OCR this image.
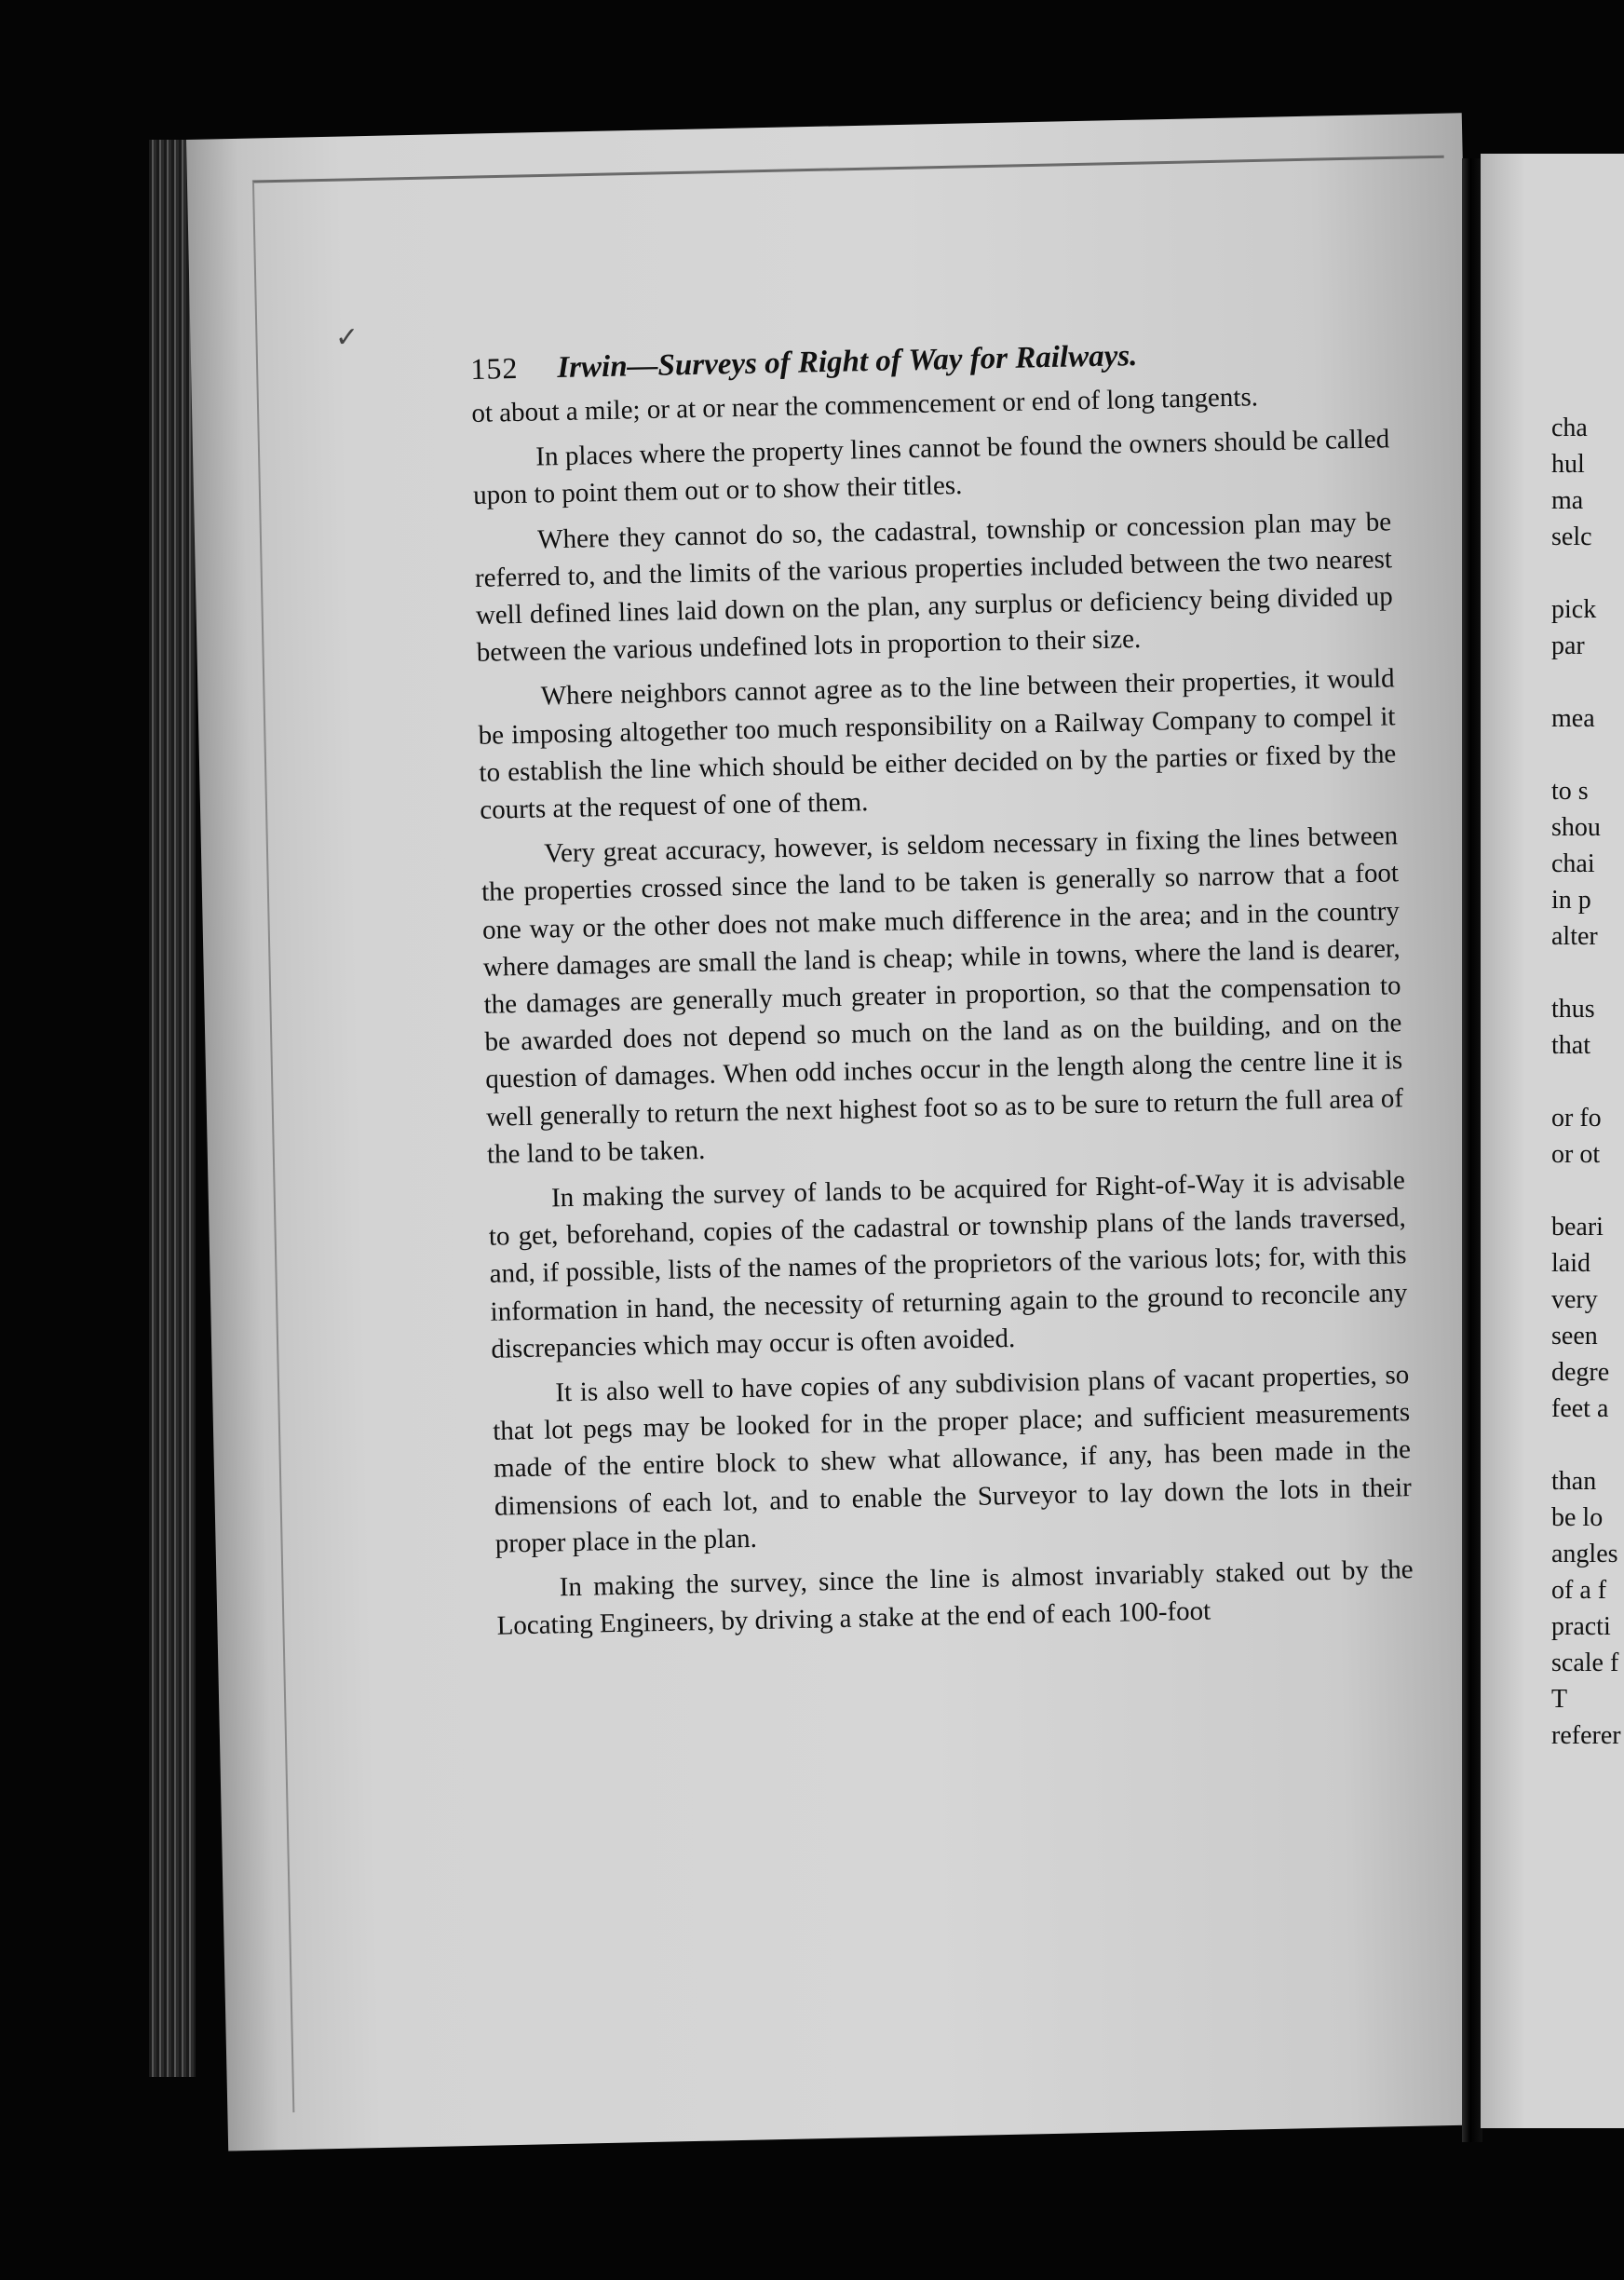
cha
hul
ma
selc
pick
par
mea
to s
shou
chai
in p
alter
thus
that
or fo
or ot
beari
laid
very
seen
degre
feet a
than
be lo
angles
of a f
practi
scale f
T
referer
✓
152 Irwin—Surveys of Right of Way for Railways.

ot about a mile; or at or near the commencement or end of long tangents.

In places where the property lines cannot be found the owners should be called upon to point them out or to show their titles.

Where they cannot do so, the cadastral, township or concession plan may be referred to, and the limits of the various properties included between the two nearest well defined lines laid down on the plan, any surplus or deficiency being divided up between the various undefined lots in proportion to their size.

Where neighbors cannot agree as to the line between their properties, it would be imposing altogether too much responsibility on a Railway Company to compel it to establish the line which should be either decided on by the parties or fixed by the courts at the request of one of them.

Very great accuracy, however, is seldom necessary in fixing the lines between the properties crossed since the land to be taken is generally so narrow that a foot one way or the other does not make much difference in the area; and in the country where damages are small the land is cheap; while in towns, where the land is dearer, the damages are generally much greater in proportion, so that the compensation to be awarded does not depend so much on the land as on the building, and on the question of damages. When odd inches occur in the length along the centre line it is well generally to return the next highest foot so as to be sure to return the full area of the land to be taken.

In making the survey of lands to be acquired for Right-of-Way it is advisable to get, beforehand, copies of the cadastral or township plans of the lands traversed, and, if possible, lists of the names of the proprietors of the various lots; for, with this information in hand, the necessity of returning again to the ground to reconcile any discrepancies which may occur is often avoided.

It is also well to have copies of any subdivision plans of vacant properties, so that lot pegs may be looked for in the proper place; and sufficient measurements made of the entire block to shew what allowance, if any, has been made in the dimensions of each lot, and to enable the Surveyor to lay down the lots in their proper place in the plan.

In making the survey, since the line is almost invariably staked out by the Locating Engineers, by driving a stake at the end of each 100-foot
